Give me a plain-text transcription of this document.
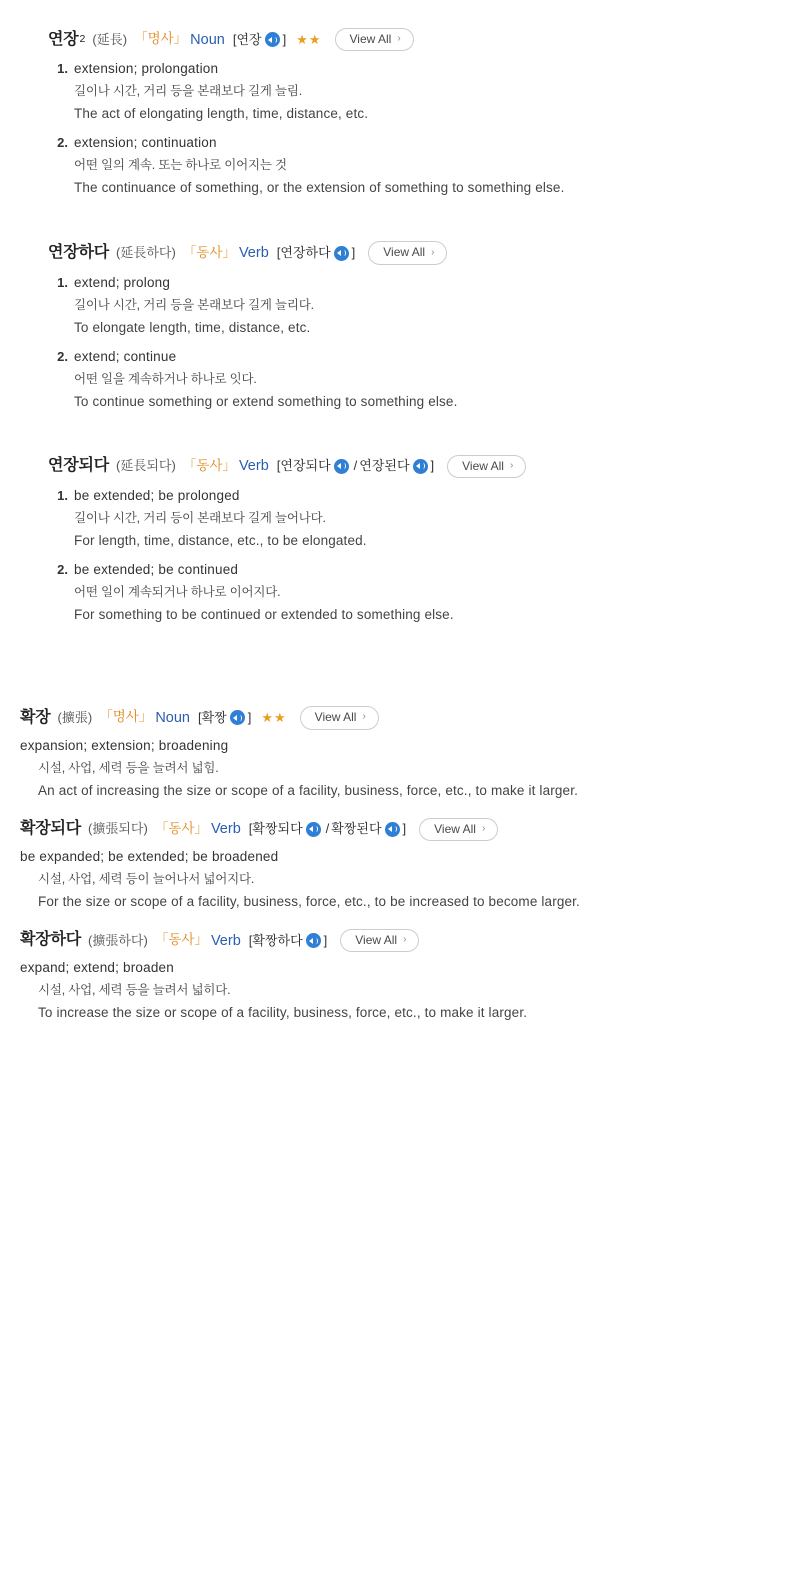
연장 2 (延長) 「명사」 Noun [ 연장 ] ★★ View All ›
1 . extension; prolongation
길이나 시간, 거리 등을 본래보다 길게 늘림.
The act of elongating length, time, distance, etc.
2 . extension; continuation
어떤 일의 계속. 또는 하나로 이어지는 것
The continuance of something, or the extension of something to something else.
연장하다 (延長하다) 「동사」 Verb [ 연장하다 ] View All ›
1 . extend; prolong
길이나 시간, 거리 등을 본래보다 길게 늘리다.
To elongate length, time, distance, etc.
2 . extend; continue
어떤 일을 계속하거나 하나로 잇다.
To continue something or extend something to something else.
연장되다 (延長되다) 「동사」 Verb [ 연장되다 / 연장된다 ] View All ›
1 . be extended; be prolonged
길이나 시간, 거리 등이 본래보다 길게 늘어나다.
For length, time, distance, etc., to be elongated.
2 . be extended; be continued
어떤 일이 계속되거나 하나로 이어지다.
For something to be continued or extended to something else.
확장 (擴張) 「명사」 Noun [ 확짱 ] ★★ View All ›
expansion; extension; broadening
시설, 사업, 세력 등을 늘려서 넓힘.
An act of increasing the size or scope of a facility, business, force, etc., to make it larger.
확장되다 (擴張되다) 「동사」 Verb [ 확짱되다 / 확짱된다 ] View All ›
be expanded; be extended; be broadened
시설, 사업, 세력 등이 늘어나서 넓어지다.
For the size or scope of a facility, business, force, etc., to be increased to become larger.
확장하다 (擴張하다) 「동사」 Verb [ 확짱하다 ] View All ›
expand; extend; broaden
시설, 사업, 세력 등을 늘려서 넓히다.
To increase the size or scope of a facility, business, force, etc., to make it larger.
